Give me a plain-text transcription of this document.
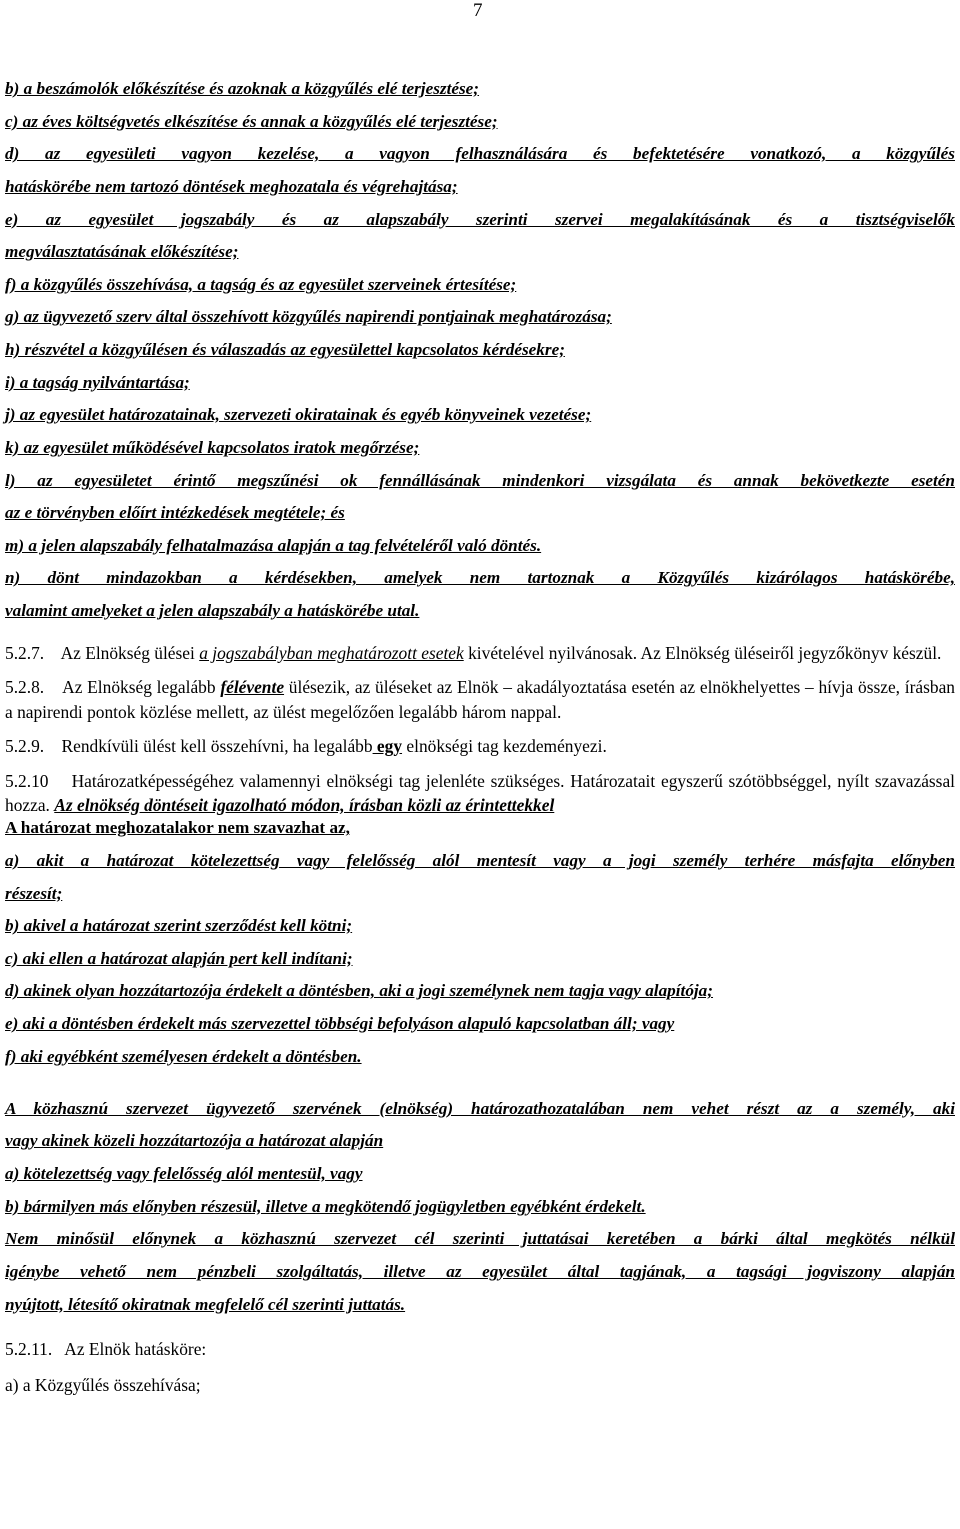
7

b) a beszámolók előkészítése és azoknak a közgyűlés elé terjesztése;

c) az éves költségvetés elkészítése és annak a közgyűlés elé terjesztése;

d) az egyesületi vagyon kezelése, a vagyon felhasználására és befektetésére vonatkozó, a közgyűlés

hatáskörébe nem tartozó döntések meghozatala és végrehajtása;

e) az egyesület jogszabály és az alapszabály szerinti szervei megalakításának és a tisztségviselők

megválasztatásának előkészítése;

f) a közgyűlés összehívása, a tagság és az egyesület szerveinek értesítése;

g) az ügyvezető szerv által összehívott közgyűlés napirendi pontjainak meghatározása;

h) részvétel a közgyűlésen és válaszadás az egyesülettel kapcsolatos kérdésekre;

i) a tagság nyilvántartása;

j) az egyesület határozatainak, szervezeti okiratainak és egyéb könyveinek vezetése;

k) az egyesület működésével kapcsolatos iratok megőrzése;

l) az egyesületet érintő megszűnési ok fennállásának mindenkori vizsgálata és annak bekövetkezte esetén

az e törvényben előírt intézkedések megtétele; és

m) a jelen alapszabály felhatalmazása alapján a tag felvételéről való döntés.

n) dönt mindazokban a kérdésekben, amelyek nem tartoznak a Közgyűlés kizárólagos hatáskörébe,

valamint amelyeket a jelen alapszabály a hatáskörébe utal.

5.2.7. Az Elnökség ülései a jogszabályban meghatározott esetek kivételével nyilvánosak. Az Elnökség üléseiről jegyzőkönyv készül.

5.2.8. Az Elnökség legalább félévente ülésezik, az üléseket az Elnök – akadályoztatása esetén az elnökhelyettes – hívja össze, írásban a napirendi pontok közlése mellett, az ülést megelőzően legalább három nappal.

5.2.9. Rendkívüli ülést kell összehívni, ha legalább egy elnökségi tag kezdeményezi.

5.2.10 Határozatképességéhez valamennyi elnökségi tag jelenléte szükséges. Határozatait egyszerű szótöbbséggel, nyílt szavazással hozza. Az elnökség döntéseit igazolható módon, írásban közli az érintettekkel

A határozat meghozatalakor nem szavazhat az,

a) akit a határozat kötelezettség vagy felelősség alól mentesít vagy a jogi személy terhére másfajta előnyben

részesít;

b) akivel a határozat szerint szerződést kell kötni;

c) aki ellen a határozat alapján pert kell indítani;

d) akinek olyan hozzátartozója érdekelt a döntésben, aki a jogi személynek nem tagja vagy alapítója;

e) aki a döntésben érdekelt más szervezettel többségi befolyáson alapuló kapcsolatban áll; vagy

f) aki egyébként személyesen érdekelt a döntésben.

A közhasznú szervezet ügyvezető szervének (elnökség) határozathozatalában nem vehet részt az a személy, aki

vagy akinek közeli hozzátartozója a határozat alapján

a) kötelezettség vagy felelősség alól mentesül, vagy

b) bármilyen más előnyben részesül, illetve a megkötendő jogügyletben egyébként érdekelt.

Nem minősül előnynek a közhasznú szervezet cél szerinti juttatásai keretében a bárki által megkötés nélkül

igénybe vehető nem pénzbeli szolgáltatás, illetve az egyesület által tagjának, a tagsági jogviszony alapján

nyújtott, létesítő okiratnak megfelelő cél szerinti juttatás.

5.2.11. Az Elnök hatásköre:

a) a Közgyűlés összehívása;
